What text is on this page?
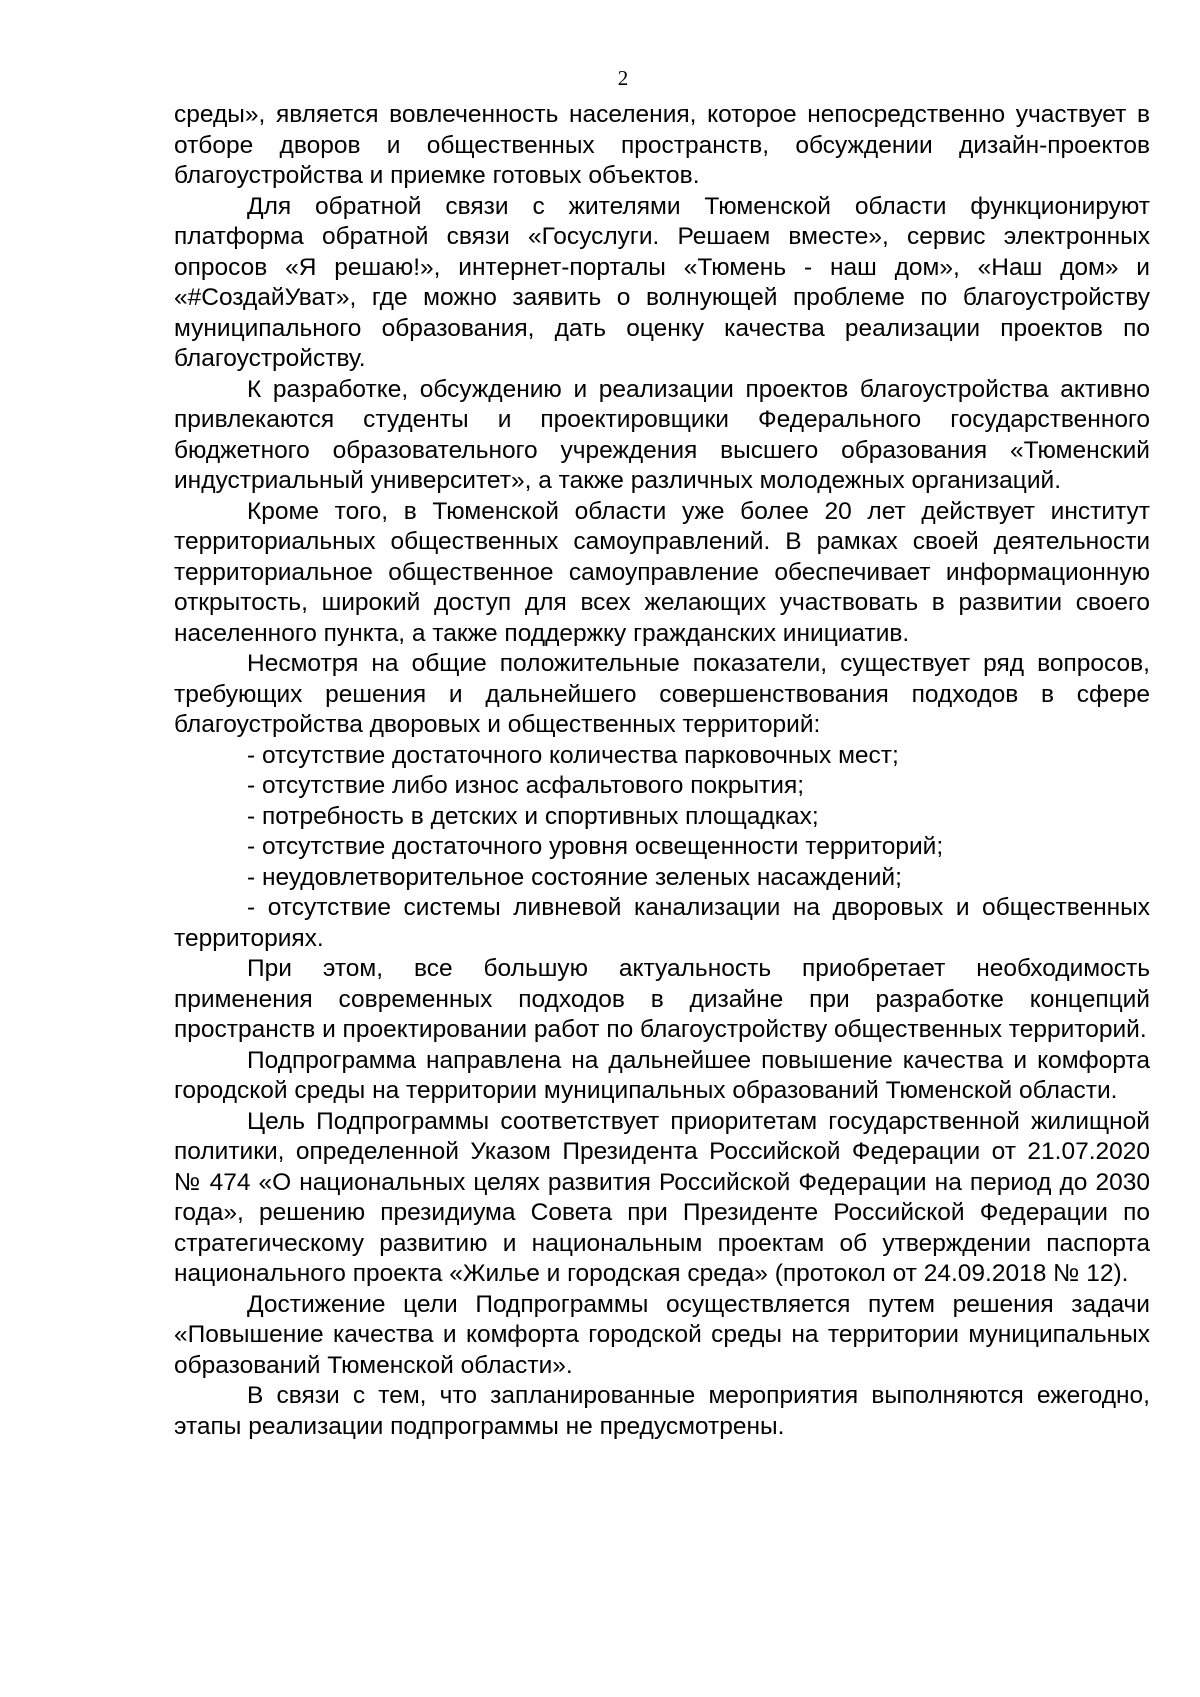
2

среды», является вовлеченность населения, которое непосредственно участвует в отборе дворов и общественных пространств, обсуждении дизайн-проектов благоустройства и приемке готовых объектов.

Для обратной связи с жителями Тюменской области функционируют платформа обратной связи «Госуслуги. Решаем вместе», сервис электронных опросов «Я решаю!», интернет-порталы «Тюмень - наш дом», «Наш дом» и «#СоздайУват», где можно заявить о волнующей проблеме по благоустройству муниципального образования, дать оценку качества реализации проектов по благоустройству.

К разработке, обсуждению и реализации проектов благоустройства активно привлекаются студенты и проектировщики Федерального государственного бюджетного образовательного учреждения высшего образования «Тюменский индустриальный университет», а также различных молодежных организаций.

Кроме того, в Тюменской области уже более 20 лет действует институт территориальных общественных самоуправлений. В рамках своей деятельности территориальное общественное самоуправление обеспечивает информационную открытость, широкий доступ для всех желающих участвовать в развитии своего населенного пункта, а также поддержку гражданских инициатив.

Несмотря на общие положительные показатели, существует ряд вопросов, требующих решения и дальнейшего совершенствования подходов в сфере благоустройства дворовых и общественных территорий:

- отсутствие достаточного количества парковочных мест;

- отсутствие либо износ асфальтового покрытия;

- потребность в детских и спортивных площадках;

- отсутствие достаточного уровня освещенности территорий;

- неудовлетворительное состояние зеленых насаждений;

- отсутствие системы ливневой канализации на дворовых и общественных территориях.

При этом, все большую актуальность приобретает необходимость применения современных подходов в дизайне при разработке концепций пространств и проектировании работ по благоустройству общественных территорий.

Подпрограмма направлена на дальнейшее повышение качества и комфорта городской среды на территории муниципальных образований Тюменской области.

Цель Подпрограммы соответствует приоритетам государственной жилищной политики, определенной Указом Президента Российской Федерации от 21.07.2020 № 474 «О национальных целях развития Российской Федерации на период до 2030 года», решению президиума Совета при Президенте Российской Федерации по стратегическому развитию и национальным проектам об утверждении паспорта национального проекта «Жилье и городская среда» (протокол от 24.09.2018 № 12).

Достижение цели Подпрограммы осуществляется путем решения задачи «Повышение качества и комфорта городской среды на территории муниципальных образований Тюменской области».

В связи с тем, что запланированные мероприятия выполняются ежегодно, этапы реализации подпрограммы не предусмотрены.
